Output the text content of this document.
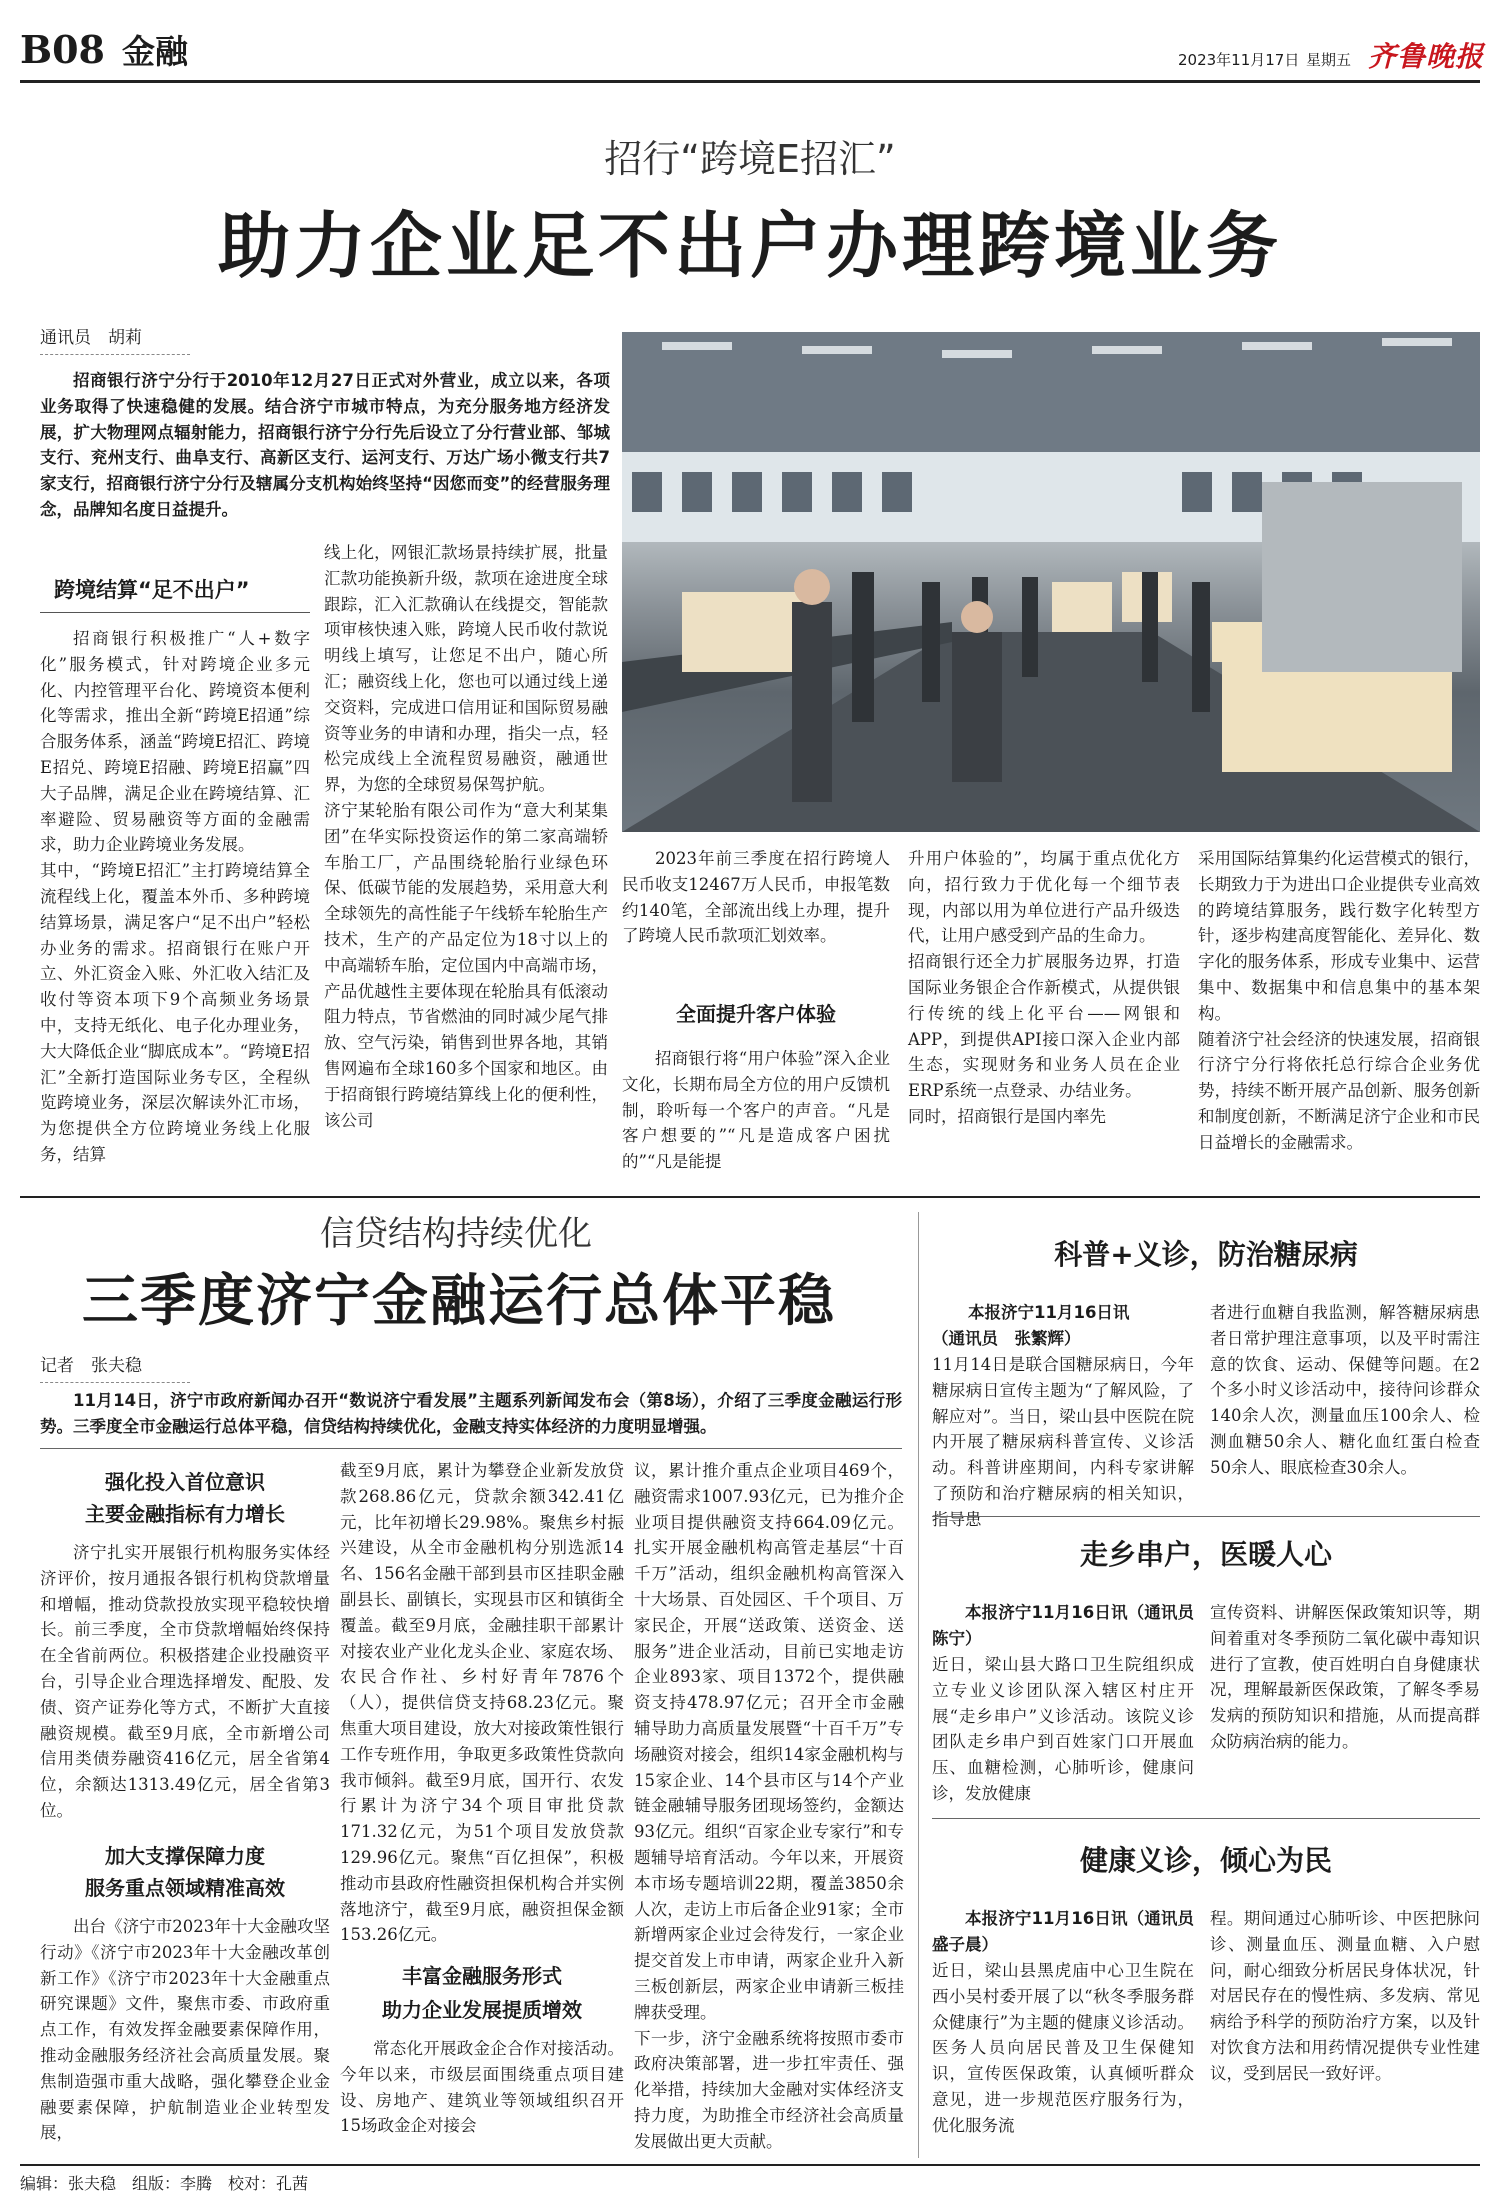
B08 金融	2023年11月17日 星期五 齐鲁晚报
招行“跨境E招汇”
助力企业足不出户办理跨境业务
通讯员　胡莉
招商银行济宁分行于2010年12月27日正式对外营业，成立以来，各项业务取得了快速稳健的发展。结合济宁市城市特点，为充分服务地方经济发展，扩大物理网点辐射能力，招商银行济宁分行先后设立了分行营业部、邹城支行、兖州支行、曲阜支行、高新区支行、运河支行、万达广场小微支行共7家支行，招商银行济宁分行及辖属分支机构始终坚持“因您而变”的经营服务理念，品牌知名度日益提升。
跨境结算“足不出户”
招商银行积极推广“人+数字化”服务模式，针对跨境企业多元化、内控管理平台化、跨境资本便利化等需求，推出全新“跨境E招通”综合服务体系，涵盖“跨境E招汇、跨境E招兑、跨境E招融、跨境E招赢”四大子品牌，满足企业在跨境结算、汇率避险、贸易融资等方面的金融需求，助力企业跨境业务发展。
其中，“跨境E招汇”主打跨境结算全流程线上化，覆盖本外币、多种跨境结算场景，满足客户“足不出户”轻松办业务的需求。招商银行在账户开立、外汇资金入账、外汇收入结汇及收付等资本项下9个高频业务场景中，支持无纸化、电子化办理业务，大大降低企业“脚底成本”。“跨境E招汇”全新打造国际业务专区，全程纵览跨境业务，深层次解读外汇市场，为您提供全方位跨境业务线上化服务，结算
线上化，网银汇款场景持续扩展，批量汇款功能换新升级，款项在途进度全球跟踪，汇入汇款确认在线提交，智能款项审核快速入账，跨境人民币收付款说明线上填写，让您足不出户，随心所汇；融资线上化，您也可以通过线上递交资料，完成进口信用证和国际贸易融资等业务的申请和办理，指尖一点，轻松完成线上全流程贸易融资，融通世界，为您的全球贸易保驾护航。
济宁某轮胎有限公司作为“意大利某集团”在华实际投资运作的第二家高端轿车胎工厂，产品围绕轮胎行业绿色环保、低碳节能的发展趋势，采用意大利全球领先的高性能子午线轿车轮胎生产技术，生产的产品定位为18寸以上的中高端轿车胎，定位国内中高端市场，产品优越性主要体现在轮胎具有低滚动阻力特点，节省燃油的同时减少尾气排放、空气污染，销售到世界各地，其销售网遍布全球160多个国家和地区。由于招商银行跨境结算线上化的便利性，该公司
2023年前三季度在招行跨境人民币收支12467万人民币，申报笔数约140笔，全部流出线上办理，提升了跨境人民币款项汇划效率。
全面提升客户体验
招商银行将“用户体验”深入企业文化，长期布局全方位的用户反馈机制，聆听每一个客户的声音。“凡是客户想要的”“凡是造成客户困扰的”“凡是能提
升用户体验的”，均属于重点优化方向，招行致力于优化每一个细节表现，内部以用为单位进行产品升级迭代，让用户感受到产品的生命力。
招商银行还全力扩展服务边界，打造国际业务银企合作新模式，从提供银行传统的线上化平台——网银和APP，到提供API接口深入企业内部生态，实现财务和业务人员在企业ERP系统一点登录、办结业务。
同时，招商银行是国内率先
采用国际结算集约化运营模式的银行，长期致力于为进出口企业提供专业高效的跨境结算服务，践行数字化转型方针，逐步构建高度智能化、差异化、数字化的服务体系，形成专业集中、运营集中、数据集中和信息集中的基本架构。
随着济宁社会经济的快速发展，招商银行济宁分行将依托总行综合企业务优势，持续不断开展产品创新、服务创新和制度创新，不断满足济宁企业和市民日益增长的金融需求。
信贷结构持续优化
三季度济宁金融运行总体平稳
记者　张夫稳
11月14日，济宁市政府新闻办召开“数说济宁看发展”主题系列新闻发布会（第8场），介绍了三季度金融运行形势。三季度全市金融运行总体平稳，信贷结构持续优化，金融支持实体经济的力度明显增强。
强化投入首位意识
主要金融指标有力增长
济宁扎实开展银行机构服务实体经济评价，按月通报各银行机构贷款增量和增幅，推动贷款投放实现平稳较快增长。前三季度，全市贷款增幅始终保持在全省前两位。积极搭建企业投融资平台，引导企业合理选择增发、配股、发债、资产证券化等方式，不断扩大直接融资规模。截至9月底，全市新增公司信用类债券融资416亿元，居全省第4位，余额达1313.49亿元，居全省第3位。
加大支撑保障力度
服务重点领域精准高效
出台《济宁市2023年十大金融攻坚行动》《济宁市2023年十大金融改革创新工作》《济宁市2023年十大金融重点研究课题》文件，聚焦市委、市政府重点工作，有效发挥金融要素保障作用，推动金融服务经济社会高质量发展。聚焦制造强市重大战略，强化攀登企业金融要素保障，护航制造业企业转型发展，
截至9月底，累计为攀登企业新发放贷款268.86亿元，贷款余额342.41亿元，比年初增长29.98%。聚焦乡村振兴建设，从全市金融机构分别选派14名、156名金融干部到县市区挂职金融副县长、副镇长，实现县市区和镇街全覆盖。截至9月底，金融挂职干部累计对接农业产业化龙头企业、家庭农场、农民合作社、乡村好青年7876个（人），提供信贷支持68.23亿元。聚焦重大项目建设，放大对接政策性银行工作专班作用，争取更多政策性贷款向我市倾斜。截至9月底，国开行、农发行累计为济宁34个项目审批贷款171.32亿元，为51个项目发放贷款129.96亿元。聚焦“百亿担保”，积极推动市县政府性融资担保机构合并实例落地济宁，截至9月底，融资担保金额153.26亿元。
丰富金融服务形式
助力企业发展提质增效
常态化开展政金企合作对接活动。今年以来，市级层面围绕重点项目建设、房地产、建筑业等领域组织召开15场政金企对接会
议，累计推介重点企业项目469个，融资需求1007.93亿元，已为推介企业项目提供融资支持664.09亿元。扎实开展金融机构高管走基层“十百千万”活动，组织金融机构高管深入十大场景、百处园区、千个项目、万家民企，开展“送政策、送资金、送服务”进企业活动，目前已实地走访企业893家、项目1372个，提供融资支持478.97亿元；召开全市金融辅导助力高质量发展暨“十百千万”专场融资对接会，组织14家金融机构与15家企业、14个县市区与14个产业链金融辅导服务团现场签约，金额达93亿元。组织“百家企业专家行”和专题辅导培育活动。今年以来，开展资本市场专题培训22期，覆盖3850余人次，走访上市后备企业91家；全市新增两家企业过会待发行，一家企业提交首发上市申请，两家企业升入新三板创新层，两家企业申请新三板挂牌获受理。
下一步，济宁金融系统将按照市委市政府决策部署，进一步扛牢责任、强化举措，持续加大金融对实体经济支持力度，为助推全市经济社会高质量发展做出更大贡献。
科普+义诊，防治糖尿病
本报济宁11月16日讯
（通讯员　张繁辉）
11月14日是联合国糖尿病日，今年糖尿病日宣传主题为“了解风险，了解应对”。当日，梁山县中医院在院内开展了糖尿病科普宣传、义诊活动。科普讲座期间，内科专家讲解了预防和治疗糖尿病的相关知识，指导患
者进行血糖自我监测，解答糖尿病患者日常护理注意事项，以及平时需注意的饮食、运动、保健等问题。在2个多小时义诊活动中，接待问诊群众140余人次，测量血压100余人、检测血糖50余人、糖化血红蛋白检查50余人、眼底检查30余人。
走乡串户，医暖人心
本报济宁11月16日讯（通讯员　陈宁）
近日，梁山县大路口卫生院组织成立专业义诊团队深入辖区村庄开展“走乡串户”义诊活动。该院义诊团队走乡串户到百姓家门口开展血压、血糖检测，心肺听诊，健康问诊，发放健康
宣传资料、讲解医保政策知识等，期间着重对冬季预防二氧化碳中毒知识进行了宣教，使百姓明白自身健康状况，理解最新医保政策，了解冬季易发病的预防知识和措施，从而提高群众防病治病的能力。
健康义诊，倾心为民
本报济宁11月16日讯（通讯员　盛子晨）
近日，梁山县黑虎庙中心卫生院在西小吴村委开展了以“秋冬季服务群众健康行”为主题的健康义诊活动。医务人员向居民普及卫生保健知识，宣传医保政策，认真倾听群众意见，进一步规范医疗服务行为，优化服务流
程。期间通过心肺听诊、中医把脉问诊、测量血压、测量血糖、入户慰问，耐心细致分析居民身体状况，针对居民存在的慢性病、多发病、常见病给予科学的预防治疗方案，以及针对饮食方法和用药情况提供专业性建议，受到居民一致好评。
编辑：张夫稳　组版：李腾　校对：孔茜
